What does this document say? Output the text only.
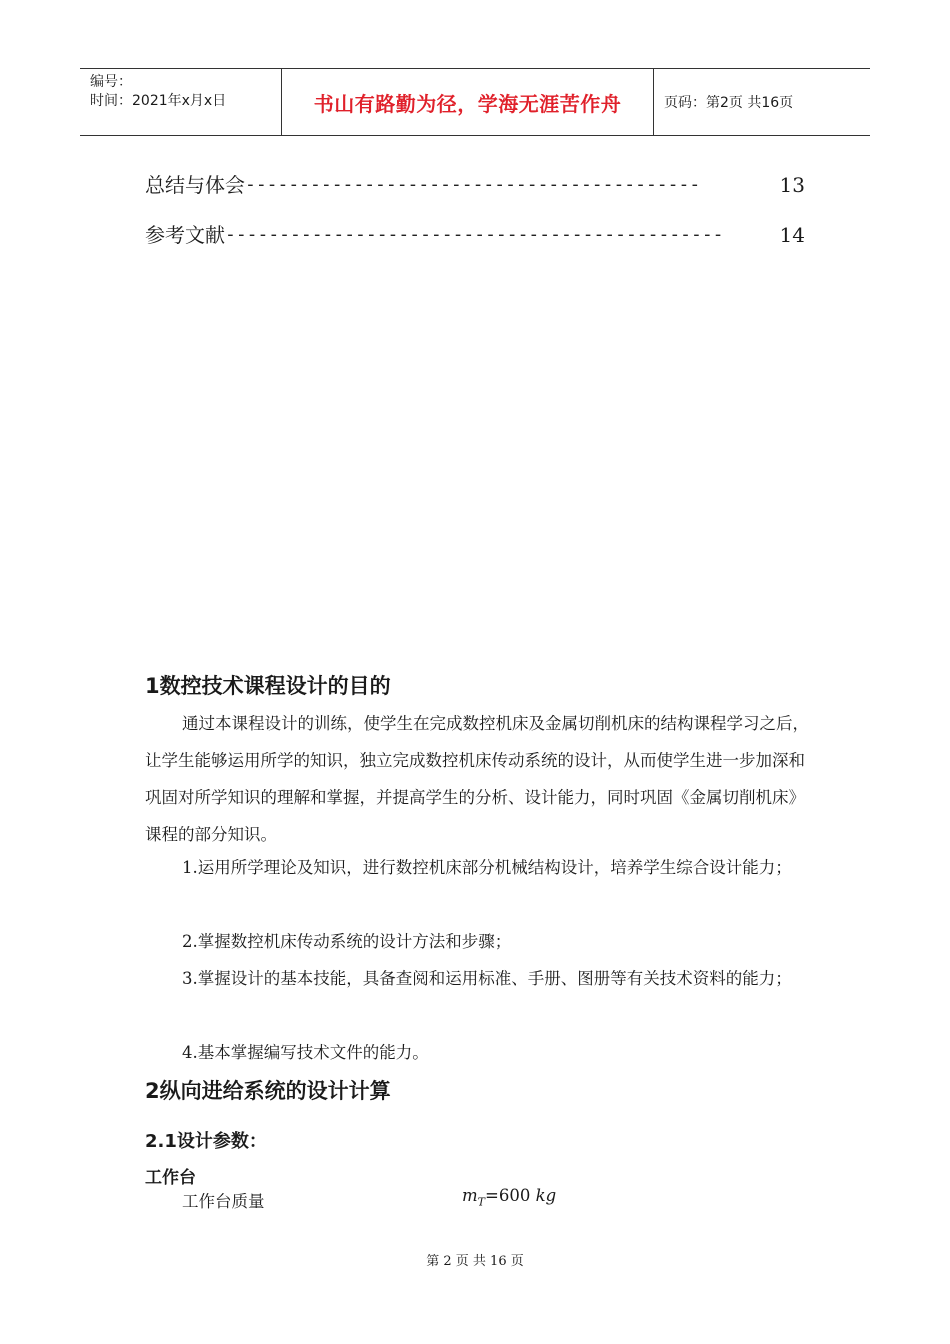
编号：
时间：2021年x月x日	书山有路勤为径，学海无涯苦作舟	页码：第2页 共16页
总结与体会 ------------------------------------------	13
参考文献 ----------------------------------------------	14
1数控技术课程设计的目的
通过本课程设计的训练，使学生在完成数控机床及金属切削机床的结构课程学习之后，让学生能够运用所学的知识，独立完成数控机床传动系统的设计，从而使学生进一步加深和巩固对所学知识的理解和掌握，并提高学生的分析、设计能力，同时巩固《金属切削机床》课程的部分知识。
1.运用所学理论及知识，进行数控机床部分机械结构设计，培养学生综合设计能力；
2.掌握数控机床传动系统的设计方法和步骤；
3.掌握设计的基本技能，具备查阅和运用标准、手册、图册等有关技术资料的能力；
4.基本掌握编写技术文件的能力。
2纵向进给系统的设计计算
2.1设计参数：
工作台
工作台质量	$m_T=600$ kg
第 2 页 共 16 页
